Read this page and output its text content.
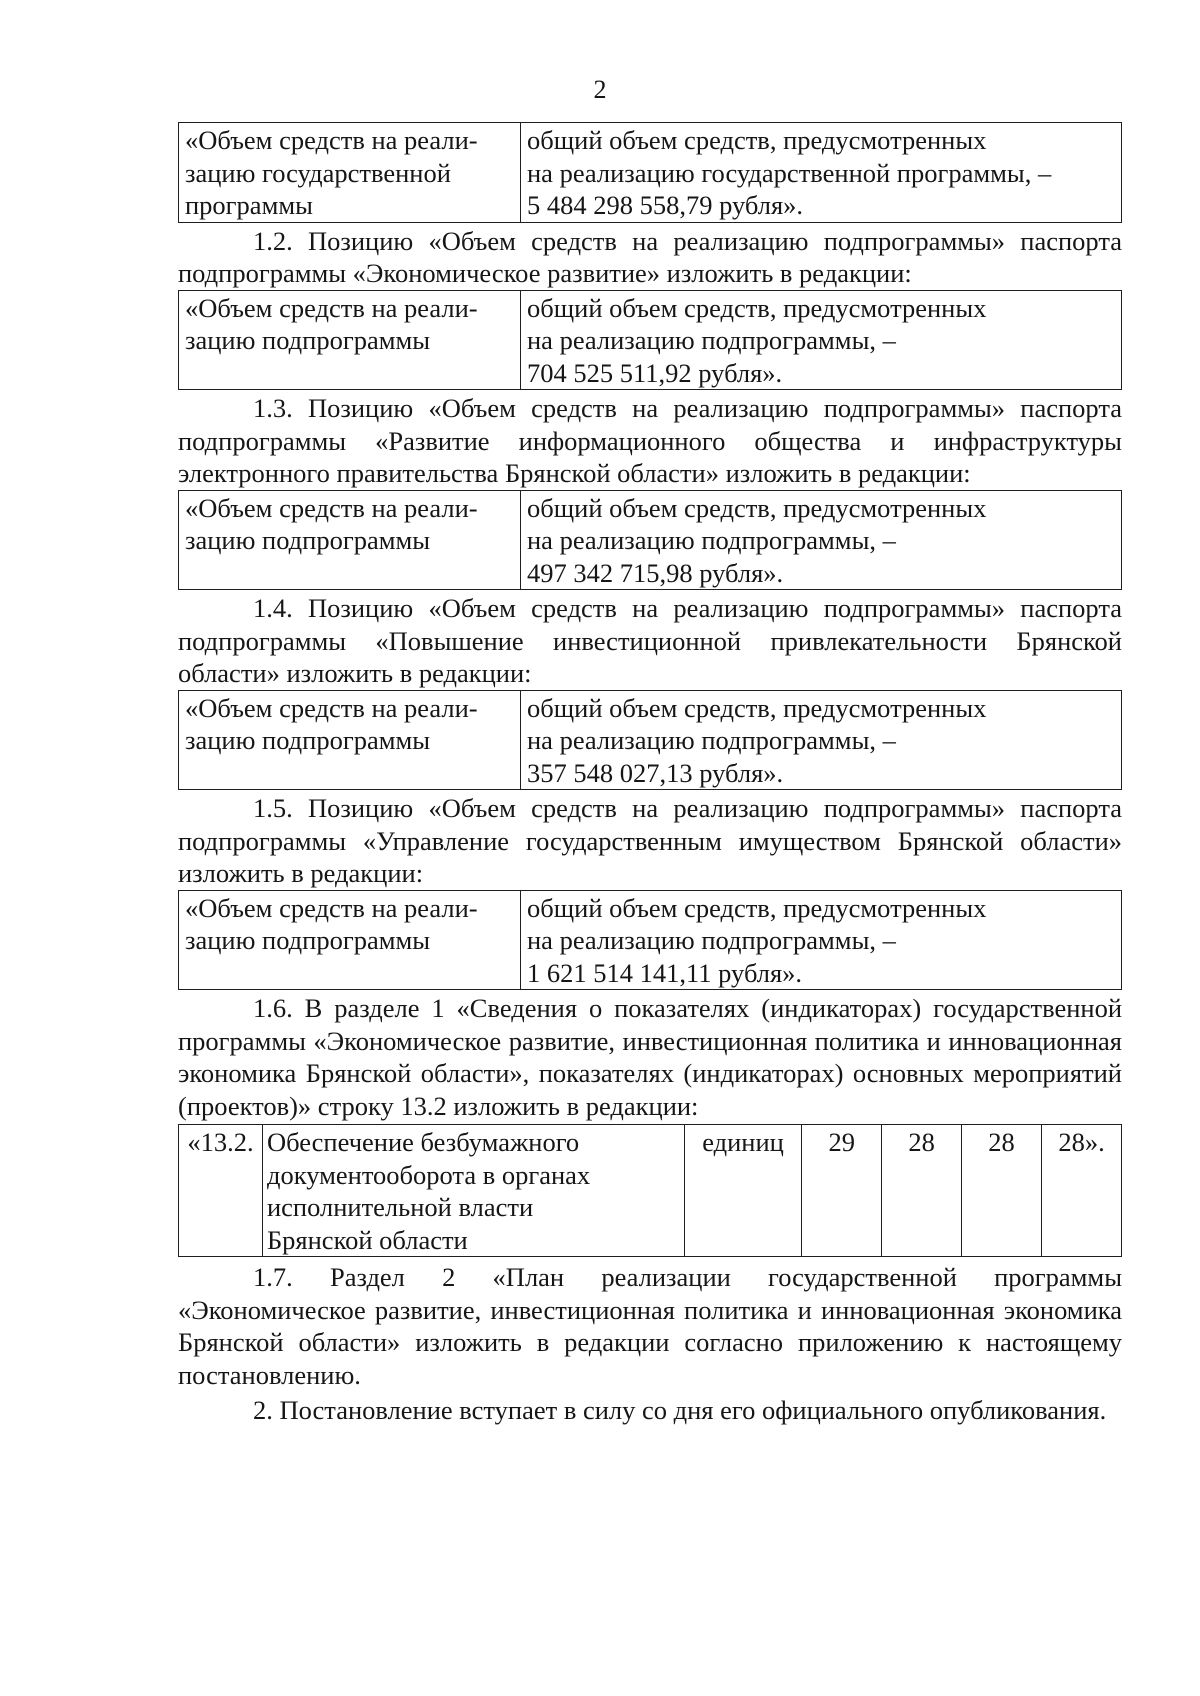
2
«Объем средств на реали-
зацию государственной
программы

общий объем средств, предусмотренных
на реализацию государственной программы, –
5 484 298 558,79 рубля».

1.2. Позицию «Объем средств на реализацию подпрограммы» паспорта подпрограммы «Экономическое развитие» изложить в редакции:

«Объем средств на реали-
зацию подпрограммы

общий объем средств, предусмотренных
на реализацию подпрограммы, –
704 525 511,92 рубля».

1.3. Позицию «Объем средств на реализацию подпрограммы» паспорта подпрограммы «Развитие информационного общества и инфраструктуры электронного правительства Брянской области» изложить в редакции:

«Объем средств на реали-
зацию подпрограммы

общий объем средств, предусмотренных
на реализацию подпрограммы, –
497 342 715,98 рубля».

1.4. Позицию «Объем средств на реализацию подпрограммы» паспорта подпрограммы «Повышение инвестиционной привлекательности Брянской области» изложить в редакции:

«Объем средств на реали-
зацию подпрограммы

общий объем средств, предусмотренных
на реализацию подпрограммы, –
357 548 027,13 рубля».

1.5. Позицию «Объем средств на реализацию подпрограммы» паспорта подпрограммы «Управление государственным имуществом Брянской области» изложить в редакции:

«Объем средств на реали-
зацию подпрограммы

общий объем средств, предусмотренных
на реализацию подпрограммы, –
1 621 514 141,11 рубля».

1.6. В разделе 1 «Сведения о показателях (индикаторах) государственной программы «Экономическое развитие, инвестиционная политика и инновационная экономика Брянской области», показателях (индикаторах) основных мероприятий (проектов)» строку 13.2 изложить в редакции:

«13.2.	Обеспечение безбумажного
документооборота в органах
исполнительной власти
Брянской области
	единиц	29	28	28	28».

1.7. Раздел 2 «План реализации государственной программы «Экономическое развитие, инвестиционная политика и инновационная экономика Брянской области» изложить в редакции согласно приложению к настоящему постановлению.

2. Постановление вступает в силу со дня его официального опубликования.
